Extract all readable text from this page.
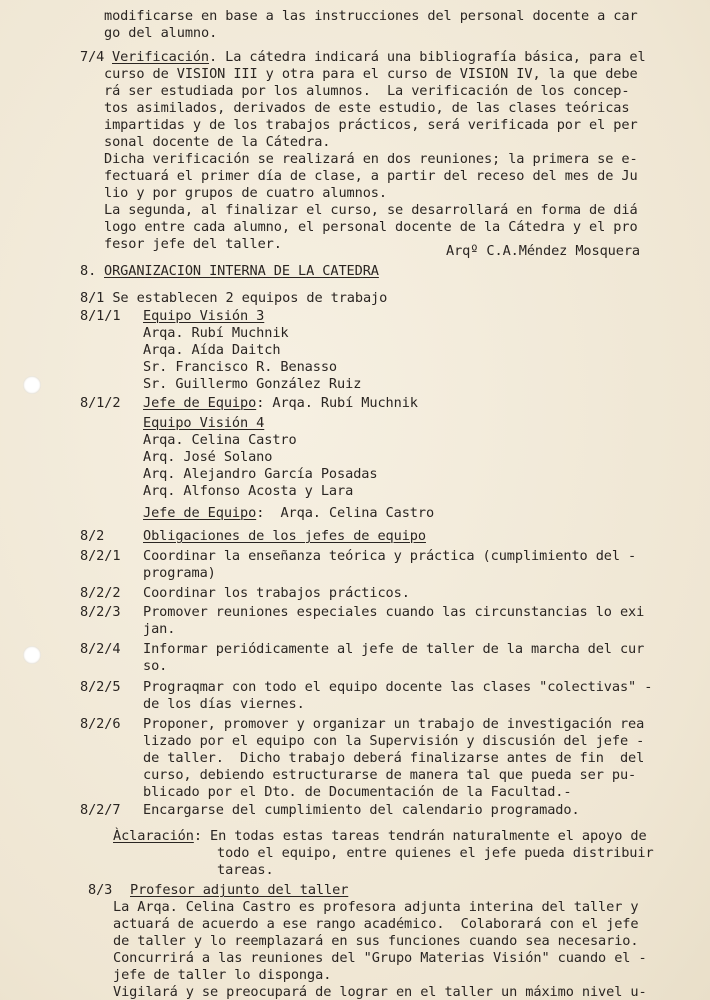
modificarse en base a las instrucciones del personal docente a car
go del alumno.
7/4 Verificación. La cátedra indicará una bibliografía básica, para el
curso de VISION III y otra para el curso de VISION IV, la que debe
rá ser estudiada por los alumnos.  La verificación de los concep-
tos asimilados, derivados de este estudio, de las clases teóricas
impartidas y de los trabajos prácticos, será verificada por el per
sonal docente de la Cátedra.
Dicha verificación se realizará en dos reuniones; la primera se e-
fectuará el primer día de clase, a partir del receso del mes de Ju
lio y por grupos de cuatro alumnos.
La segunda, al finalizar el curso, se desarrollará en forma de diá
logo entre cada alumno, el personal docente de la Cátedra y el pro
fesor jefe del taller.	Arqº C.A.Méndez Mosquera
8. ORGANIZACION INTERNA DE LA CATEDRA
8/1 Se establecen 2 equipos de trabajo
8/1/1 Equipo Visión 3
Arqa. Rubí Muchnik
Arqa. Aída Daitch
Sr. Francisco R. Benasso
Sr. Guillermo González Ruiz
8/1/2 Jefe de Equipo: Arqa. Rubí Muchnik
Equipo Visión 4
Arqa. Celina Castro
Arq. José Solano
Arq. Alejandro García Posadas
Arq. Alfonso Acosta y Lara
Jefe de Equipo:  Arqa. Celina Castro
8/2	Obligaciones de los jefes de equipo
8/2/1 Coordinar la enseñanza teórica y práctica (cumplimiento del -
programa)
8/2/2 Coordinar los trabajos prácticos.
8/2/3 Promover reuniones especiales cuando las circunstancias lo exi
jan.
8/2/4 Informar periódicamente al jefe de taller de la marcha del cur
so.
8/2/5 Prograqmar con todo el equipo docente las clases "colectivas" -
de los días viernes.
8/2/6 Proponer, promover y organizar un trabajo de investigación rea
lizado por el equipo con la Supervisión y discusión del jefe -
de taller.  Dicho trabajo deberá finalizarse antes de fin  del
curso, debiendo estructurarse de manera tal que pueda ser pu-
blicado por el Dto. de Documentación de la Facultad.-
8/2/7 Encargarse del cumplimiento del calendario programado.
Àclaración: En todas estas tareas tendrán naturalmente el apoyo de
todo el equipo, entre quienes el jefe pueda distribuir
tareas.
8/3 Profesor adjunto del taller
La Arqa. Celina Castro es profesora adjunta interina del taller y
actuará de acuerdo a ese rango académico.  Colaborará con el jefe
de taller y lo reemplazará en sus funciones cuando sea necesario.
Concurrirá a las reuniones del "Grupo Materias Visión" cuando el -
jefe de taller lo disponga.
Vigilará y se preocupará de lograr en el taller un máximo nivel u-
